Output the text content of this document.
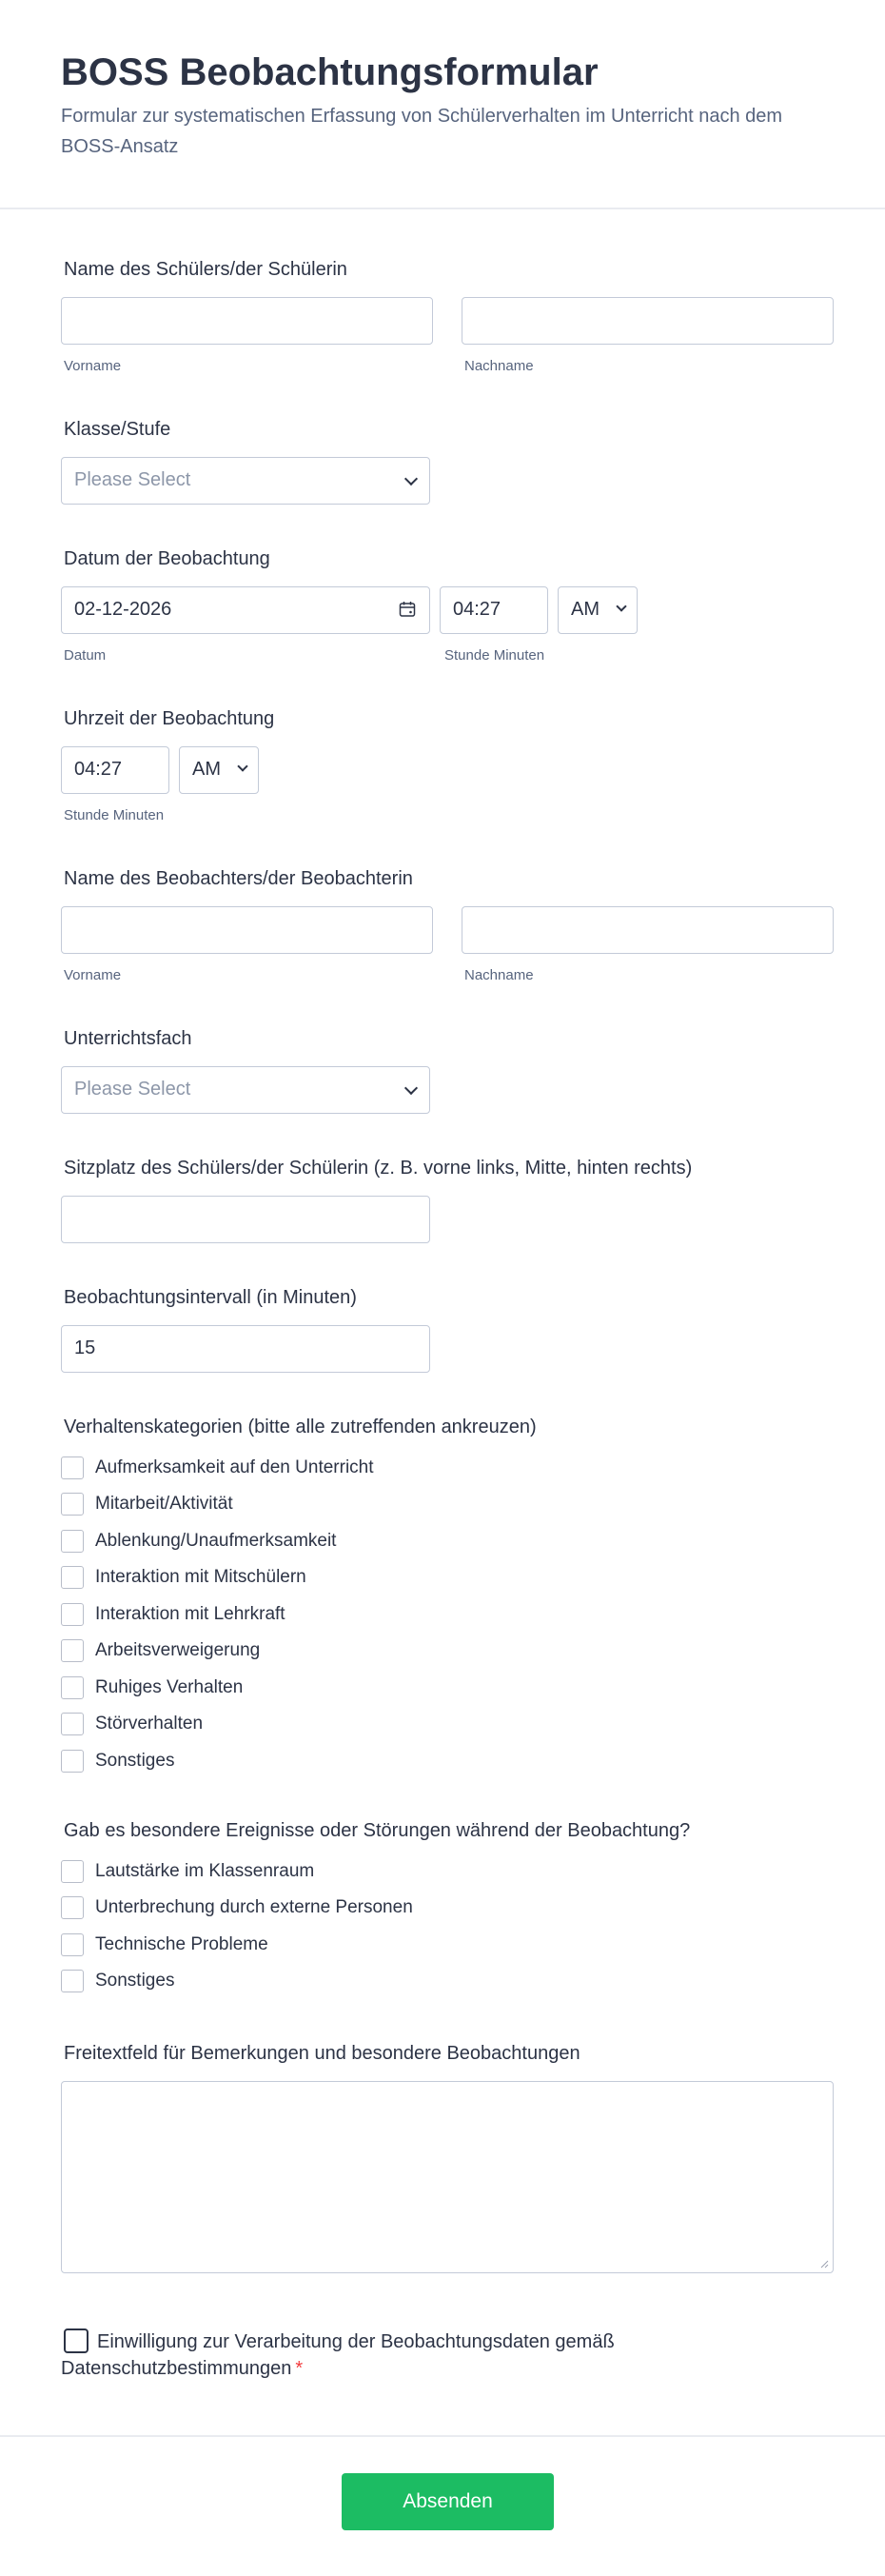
BOSS Beobachtungsformular

Formular zur systematischen Erfassung von Schülerverhalten im Unterricht nach dem BOSS-Ansatz

Name des Schülers/der Schülerin
Vorname	Nachname
Klasse/Stufe
Please Select
Datum der Beobachtung
02-12-2026	04:27	AM
Datum	Stunde Minuten
Uhrzeit der Beobachtung
04:27	AM
Stunde Minuten
Name des Beobachters/der Beobachterin
Vorname	Nachname
Unterrichtsfach
Please Select
Sitzplatz des Schülers/der Schülerin (z. B. vorne links, Mitte, hinten rechts)
Beobachtungsintervall (in Minuten)
15
Verhaltenskategorien (bitte alle zutreffenden ankreuzen)
Aufmerksamkeit auf den Unterricht
Mitarbeit/Aktivität
Ablenkung/Unaufmerksamkeit
Interaktion mit Mitschülern
Interaktion mit Lehrkraft
Arbeitsverweigerung
Ruhiges Verhalten
Störverhalten
Sonstiges
Gab es besondere Ereignisse oder Störungen während der Beobachtung?
Lautstärke im Klassenraum
Unterbrechung durch externe Personen
Technische Probleme
Sonstiges
Freitextfeld für Bemerkungen und besondere Beobachtungen
Einwilligung zur Verarbeitung der Beobachtungsdaten gemäß Datenschutzbestimmungen *
Absenden
